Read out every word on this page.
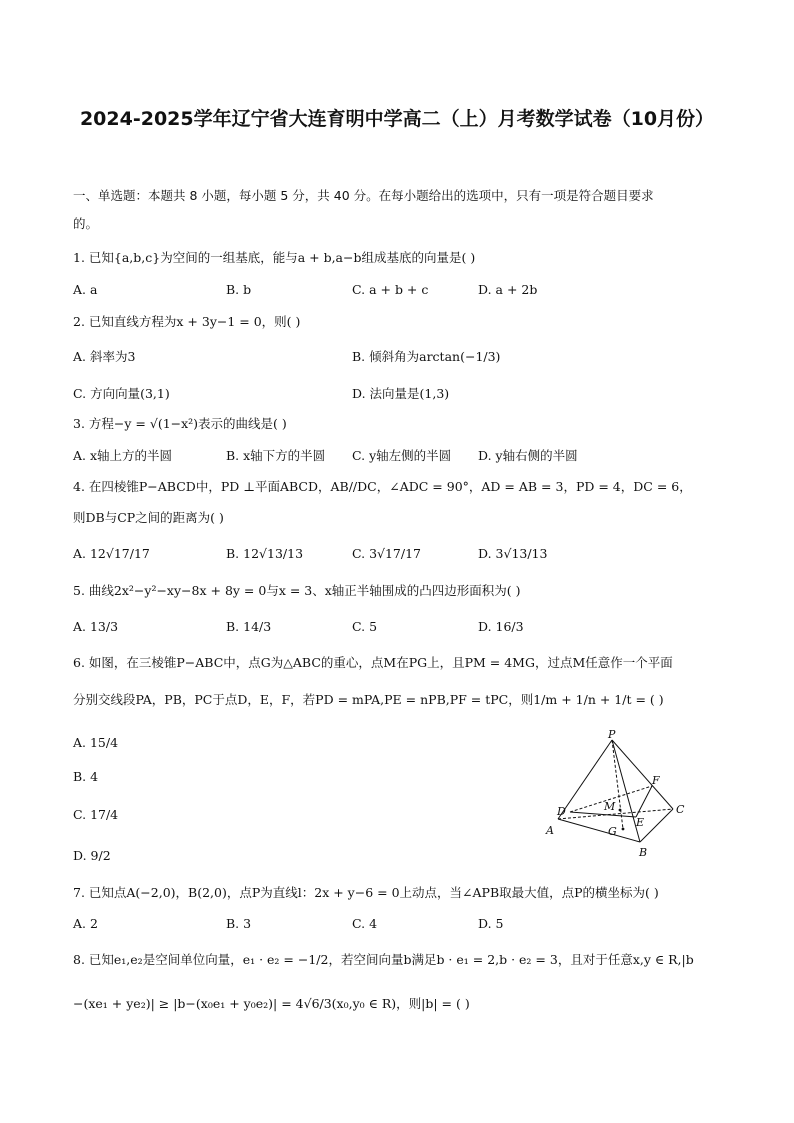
2024-2025学年辽宁省大连育明中学高二（上）月考数学试卷（10月份）
一、单选题：本题共 8 小题，每小题 5 分，共 40 分。在每小题给出的选项中，只有一项是符合题目要求
的。
1. 已知{a,b,c}为空间的一组基底，能与a + b,a−b组成基底的向量是( )
A. a	B. b	C. a + b + c	D. a + 2b
2. 已知直线方程为x + 3y−1 = 0，则( )
A. 斜率为3	B. 倾斜角为arctan(−1/3)
C. 方向向量(3,1)	D. 法向量是(1,3)
3. 方程−y = √(1−x²)表示的曲线是( )
A. x轴上方的半圆	B. x轴下方的半圆 C. y轴左侧的半圆 D. y轴右侧的半圆
4. 在四棱锥P−ABCD中，PD ⊥平面ABCD，AB//DC，∠ADC = 90°，AD = AB = 3，PD = 4，DC = 6，
则DB与CP之间的距离为( )
A. 12√17/17	B. 12√13/13	C. 3√17/17	D. 3√13/13
5. 曲线2x²−y²−xy−8x + 8y = 0与x = 3、x轴正半轴围成的凸四边形面积为( )
A. 13/3	B. 14/3	C. 5	D. 16/3
6. 如图，在三棱锥P−ABC中，点G为△ABC的重心，点M在PG上，且PM = 4MG，过点M任意作一个平面
分别交线段PA，PB，PC于点D，E，F，若PD = mPA,PE = nPB,PF = tPC，则1/m + 1/n + 1/t = ( )
A. 15/4
B. 4
C. 17/4
D. 9/2
P
F
M
D
E
C
A	G
B
7. 已知点A(−2,0)，B(2,0)，点P为直线l：2x + y−6 = 0上动点，当∠APB取最大值，点P的横坐标为( )
A. 2	B. 3	C. 4	D. 5
8. 已知e₁,e₂是空间单位向量，e₁ · e₂ = −1/2，若空间向量b满足b · e₁ = 2,b · e₂ = 3，且对于任意x,y ∈ R,|b
−(xe₁ + ye₂)| ≥ |b−(x₀e₁ + y₀e₂)| = 4√6/3(x₀,y₀ ∈ R)，则|b| = ( )
